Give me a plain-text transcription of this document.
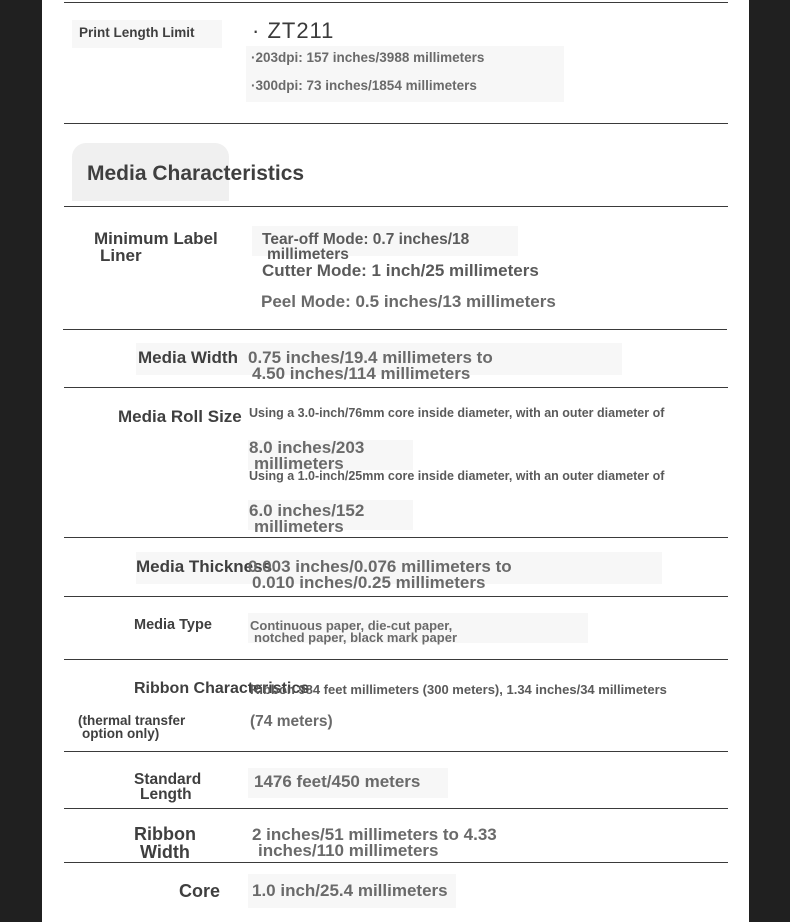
Print Length Limit	· ZT211
·203dpi: 157 inches/3988 millimeters
·300dpi: 73 inches/1854 millimeters
Media Characteristics
Minimum Label
Liner
Tear-off Mode: 0.7 inches/18
millimeters
Cutter Mode: 1 inch/25 millimeters
Peel Mode: 0.5 inches/13 millimeters
Media Width 0.75 inches/19.4 millimeters to
4.50 inches/114 millimeters
Media Roll Size Using a 3.0-inch/76mm core inside diameter, with an outer diameter of
8.0 inches/203
millimeters
Using a 1.0-inch/25mm core inside diameter, with an outer diameter of
6.0 inches/152
millimeters
Media Thickness
0.003 inches/0.076 millimeters to
0.010 inches/0.25 millimeters
Media Type	Continuous paper, die-cut paper,
notched paper, black mark paper
Ribbon Characteristics
(thermal transfer
option only)
Ribbon 984 feet millimeters (300 meters), 1.34 inches/34 millimeters
(74 meters)
Standard
Length
1476 feet/450 meters
Ribbon
Width
2 inches/51 millimeters to 4.33
inches/110 millimeters
Core 1.0 inch/25.4 millimeters
